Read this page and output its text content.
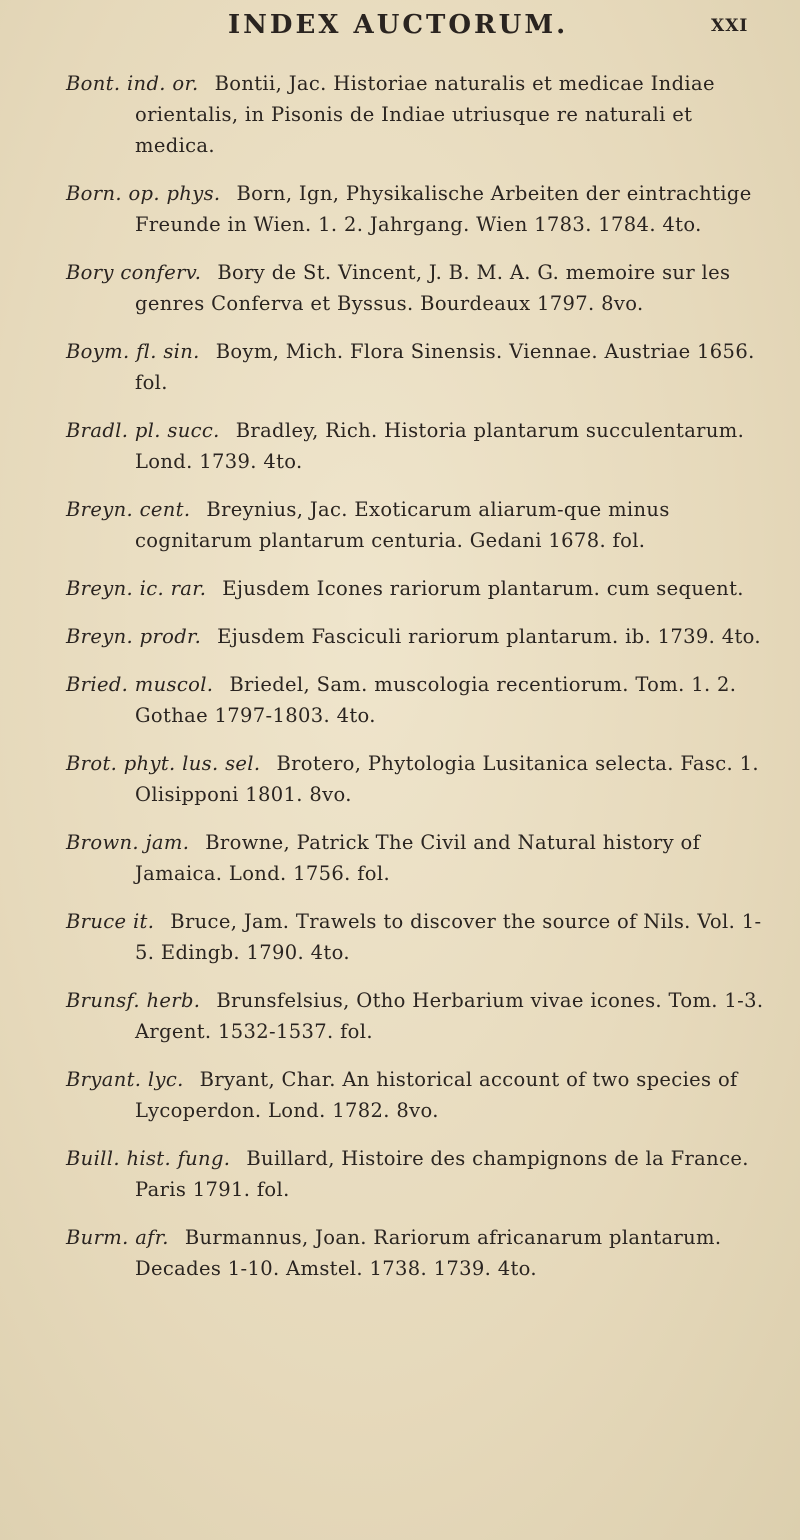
INDEX AUCTORUM.	XXI
Bont. ind. or. Bontii, Jac. Historiae naturalis et medicae Indiae orientalis, in Pisonis de Indiae utriusque re naturali et medica.
Born. op. phys. Born, Ign, Physikalische Arbeiten der eintrachtige Freunde in Wien. 1. 2. Jahrgang. Wien 1783. 1784. 4to.
Bory conferv. Bory de St. Vincent, J. B. M. A. G. memoire sur les genres Conferva et Byssus. Bourdeaux 1797. 8vo.
Boym. fl. sin. Boym, Mich. Flora Sinensis. Viennae. Austriae 1656. fol.
Bradl. pl. succ. Bradley, Rich. Historia plantarum succulentarum. Lond. 1739. 4to.
Breyn. cent. Breynius, Jac. Exoticarum aliarum-que minus cognitarum plantarum centuria. Gedani 1678. fol.
Breyn. ic. rar. Ejusdem Icones rariorum plantarum. cum sequent.
Breyn. prodr. Ejusdem Fasciculi rariorum plantarum. ib. 1739. 4to.
Bried. muscol. Briedel, Sam. muscologia recentiorum. Tom. 1. 2. Gothae 1797-1803. 4to.
Brot. phyt. lus. sel. Brotero, Phytologia Lusitanica selecta. Fasc. 1. Olisipponi 1801. 8vo.
Brown. jam. Browne, Patrick The Civil and Natural history of Jamaica. Lond. 1756. fol.
Bruce it. Bruce, Jam. Trawels to discover the source of Nils. Vol. 1-5. Edingb. 1790. 4to.
Brunsf. herb. Brunsfelsius, Otho Herbarium vivae icones. Tom. 1-3. Argent. 1532-1537. fol.
Bryant. lyc. Bryant, Char. An historical account of two species of Lycoperdon. Lond. 1782. 8vo.
Buill. hist. fung. Buillard, Histoire des champignons de la France. Paris 1791. fol.
Burm. afr. Burmannus, Joan. Rariorum africanarum plantarum. Decades 1-10. Amstel. 1738. 1739. 4to.
